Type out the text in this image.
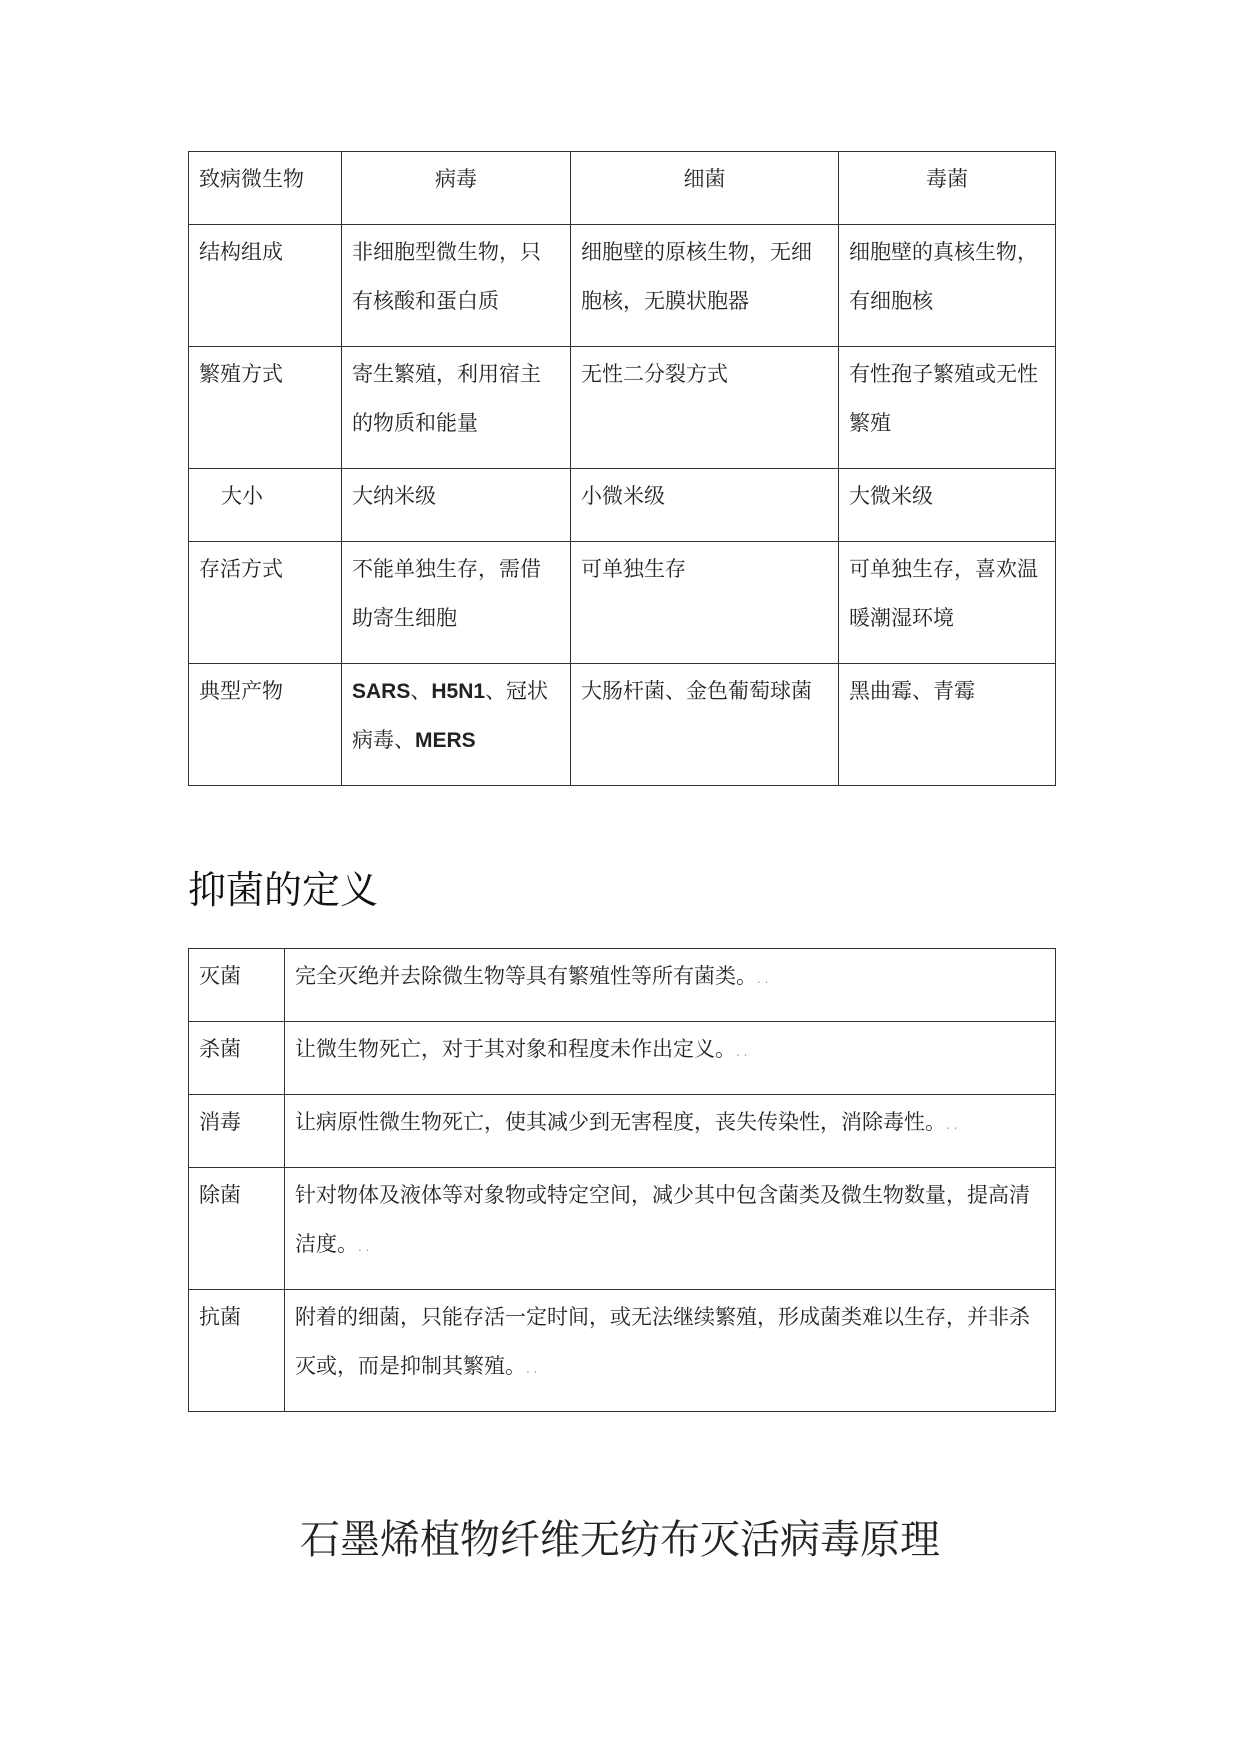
致病微生物	病毒	细菌	毒菌
结构组成	非细胞型微生物，只有核酸和蛋白质	细胞壁的原核生物，无细胞核，无膜状胞器	细胞壁的真核生物，有细胞核
繁殖方式	寄生繁殖，利用宿主的物质和能量	无性二分裂方式	有性孢子繁殖或无性繁殖
大小	大纳米级	小微米级	大微米级
存活方式	不能单独生存，需借助寄生细胞	可单独生存	可单独生存，喜欢温暖潮湿环境
典型产物	SARS、H5N1、冠状病毒、MERS	大肠杆菌、金色葡萄球菌	黑曲霉、青霉
抑菌的定义
灭菌	完全灭绝并去除微生物等具有繁殖性等所有菌类。. .
杀菌	让微生物死亡，对于其对象和程度未作出定义。. .
消毒	让病原性微生物死亡，使其减少到无害程度，丧失传染性，消除毒性。. .
除菌	针对物体及液体等对象物或特定空间，减少其中包含菌类及微生物数量，提高清洁度。. .
抗菌	附着的细菌，只能存活一定时间，或无法继续繁殖，形成菌类难以生存，并非杀灭或，而是抑制其繁殖。. .
石墨烯植物纤维无纺布灭活病毒原理
